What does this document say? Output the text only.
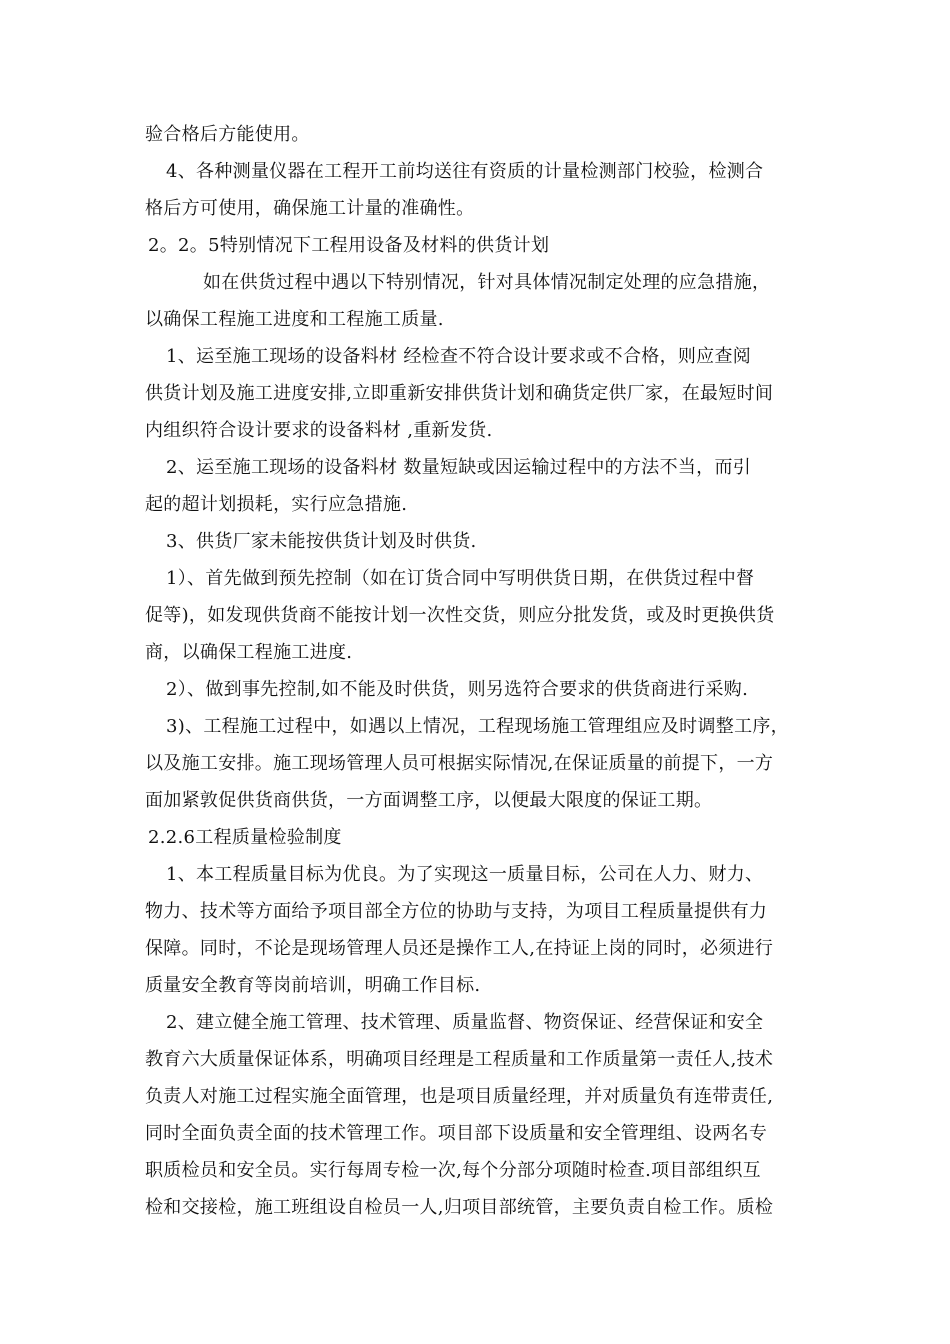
验合格后方能使用。
4、各种测量仪器在工程开工前均送往有资质的计量检测部门校验，检测合
格后方可使用，确保施工计量的准确性。
2。2。5特别情况下工程用设备及材料的供货计划
如在供货过程中遇以下特别情况，针对具体情况制定处理的应急措施，
以确保工程施工进度和工程施工质量.
1、运至施工现场的设备料材 经检查不符合设计要求或不合格，则应查阅
供货计划及施工进度安排,立即重新安排供货计划和确货定供厂家，在最短时间
内组织符合设计要求的设备料材 ,重新发货.
2、运至施工现场的设备料材 数量短缺或因运输过程中的方法不当，而引
起的超计划损耗，实行应急措施.
3、供货厂家未能按供货计划及时供货.
1）、首先做到预先控制（如在订货合同中写明供货日期，在供货过程中督
促等)，如发现供货商不能按计划一次性交货，则应分批发货，或及时更换供货
商，以确保工程施工进度.
2）、做到事先控制,如不能及时供货，则另选符合要求的供货商进行采购.
3)、工程施工过程中，如遇以上情况，工程现场施工管理组应及时调整工序，
以及施工安排。施工现场管理人员可根据实际情况,在保证质量的前提下，一方
面加紧敦促供货商供货，一方面调整工序，以便最大限度的保证工期。
2.2.6工程质量检验制度
1、本工程质量目标为优良。为了实现这一质量目标，公司在人力、财力、
物力、技术等方面给予项目部全方位的协助与支持，为项目工程质量提供有力
保障。同时，不论是现场管理人员还是操作工人,在持证上岗的同时，必须进行
质量安全教育等岗前培训，明确工作目标.
2、建立健全施工管理、技术管理、质量监督、物资保证、经营保证和安全
教育六大质量保证体系，明确项目经理是工程质量和工作质量第一责任人,技术
负责人对施工过程实施全面管理，也是项目质量经理，并对质量负有连带责任,
同时全面负责全面的技术管理工作。项目部下设质量和安全管理组、设两名专
职质检员和安全员。实行每周专检一次,每个分部分项随时检查.项目部组织互
检和交接检，施工班组设自检员一人,归项目部统管，主要负责自检工作。质检
